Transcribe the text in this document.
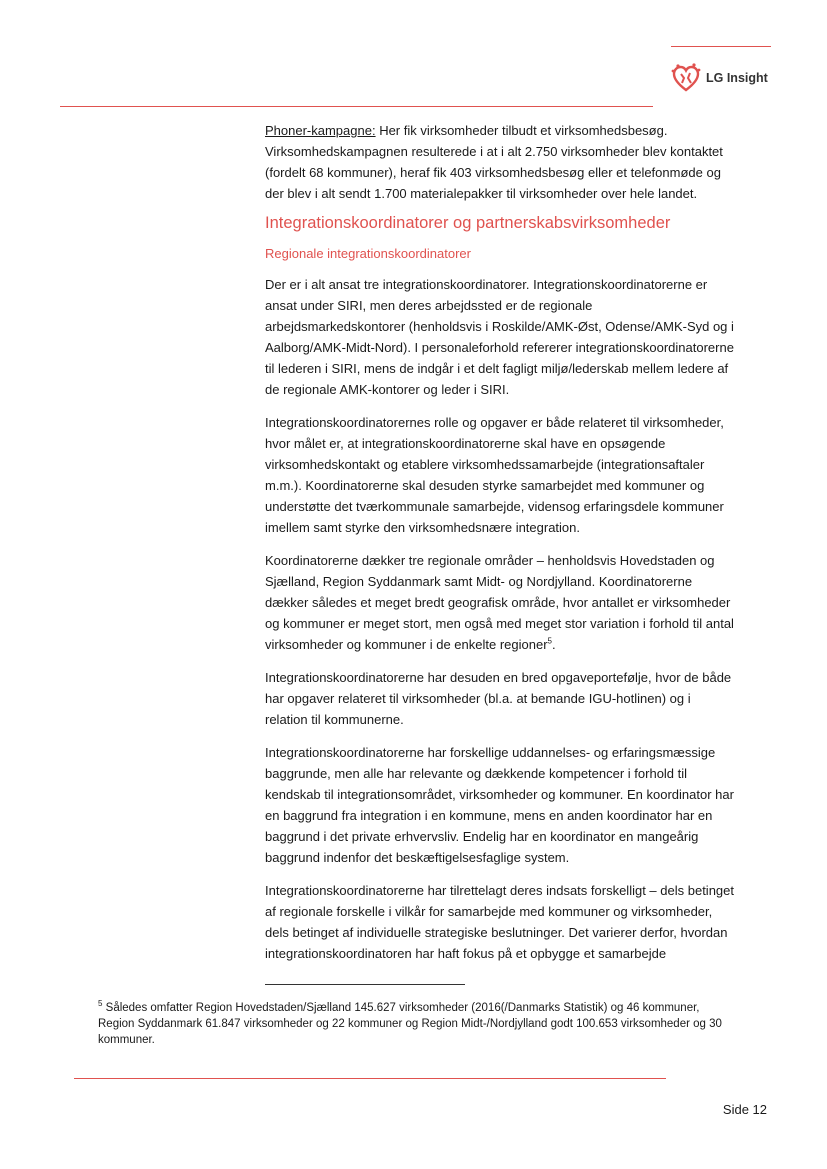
LG Insight

Phoner-kampagne: Her fik virksomheder tilbudt et virksomhedsbesøg. Virksomhedskampagnen resulterede i at i alt 2.750 virksomheder blev kontaktet (fordelt 68 kommuner), heraf fik 403 virksomhedsbesøg eller et telefonmøde og der blev i alt sendt 1.700 materialepakker til virksomheder over hele landet.

Integrationskoordinatorer og partnerskabsvirksomheder
Regionale integrationskoordinatorer

Der er i alt ansat tre integrationskoordinatorer. Integrationskoordinatorerne er ansat under SIRI, men deres arbejdssted er de regionale arbejdsmarkedskontorer (henholdsvis i Roskilde/AMK-Øst, Odense/AMK-Syd og i Aalborg/AMK-Midt-Nord). I personaleforhold refererer integrationskoordinatorerne til lederen i SIRI, mens de indgår i et delt fagligt miljø/lederskab mellem ledere af de regionale AMK-kontorer og leder i SIRI.

Integrationskoordinatorernes rolle og opgaver er både relateret til virksomheder, hvor målet er, at integrationskoordinatorerne skal have en opsøgende virksomhedskontakt og etablere virksomhedssamarbejde (integrationsaftaler m.m.). Koordinatorerne skal desuden styrke samarbejdet med kommuner og understøtte det tværkommunale samarbejde, vidensog erfaringsdele kommuner imellem samt styrke den virksomhedsnære integration.

Koordinatorerne dækker tre regionale områder – henholdsvis Hovedstaden og Sjælland, Region Syddanmark samt Midt- og Nordjylland. Koordinatorerne dækker således et meget bredt geografisk område, hvor antallet er virksomheder og kommuner er meget stort, men også med meget stor variation i forhold til antal virksomheder og kommuner i de enkelte regioner$^5$.

Integrationskoordinatorerne har desuden en bred opgaveportefølje, hvor de både har opgaver relateret til virksomheder (bl.a. at bemande IGU-hotlinen) og i relation til kommunerne.

Integrationskoordinatorerne har forskellige uddannelses- og erfaringsmæssige baggrunde, men alle har relevante og dækkende kompetencer i forhold til kendskab til integrationsområdet, virksomheder og kommuner. En koordinator har en baggrund fra integration i en kommune, mens en anden koordinator har en baggrund i det private erhvervsliv. Endelig har en koordinator en mangeårig baggrund indenfor det beskæftigelsesfaglige system.

Integrationskoordinatorerne har tilrettelagt deres indsats forskelligt – dels betinget af regionale forskelle i vilkår for samarbejde med kommuner og virksomheder, dels betinget af individuelle strategiske beslutninger. Det varierer derfor, hvordan integrationskoordinatoren har haft fokus på et opbygge et samarbejde

$^5$ Således omfatter Region Hovedstaden/Sjælland 145.627 virksomheder (2016(/Danmarks Statistik) og 46 kommuner, Region Syddanmark 61.847 virksomheder og 22 kommuner og Region Midt-/Nordjylland godt 100.653 virksomheder og 30 kommuner.
Side 12
